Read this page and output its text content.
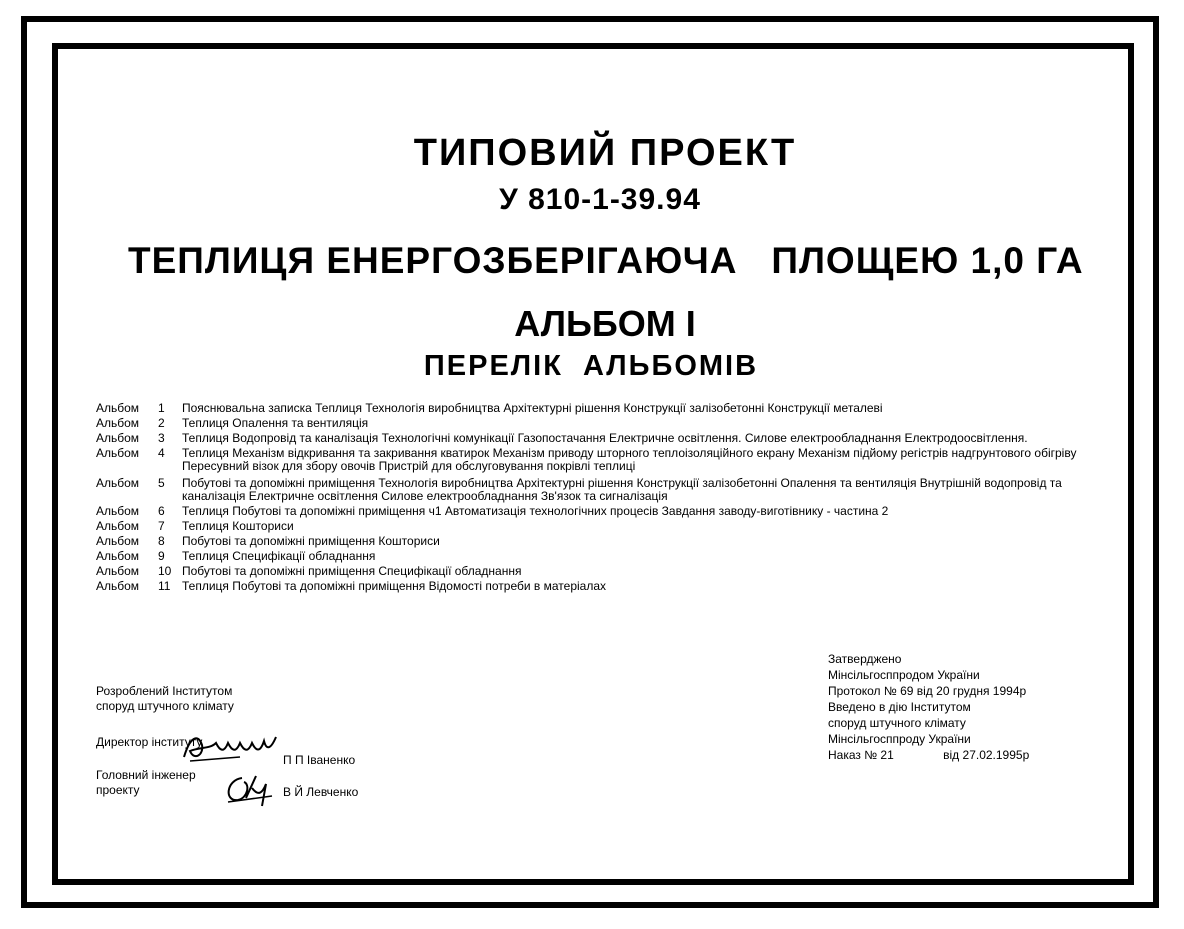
ТИПОВИЙ ПРОЕКТ
У 810-1-39.94
ТЕПЛИЦЯ ЕНЕРГОЗБЕРІГАЮЧА   ПЛОЩЕЮ 1,0 ГА
АЛЬБОМ І
ПЕРЕЛІК  АЛЬБОМІВ
Альбом	1	Пояснювальна записка Теплиця Технологія виробництва Архітектурні рішення Конструкції залізобетонні Конструкції металеві
Альбом	2	Теплиця Опалення та вентиляція
Альбом	3	Теплиця Водопровід та каналізація Технологічні комунікації Газопостачання Електричне освітлення. Силове електрообладнання Електродоосвітлення.
Альбом	4	Теплиця Механізм відкривання та закривання кватирок Механізм приводу шторного теплоізоляційного екрану Механізм підйому регістрів надгрунтового обігріву Пересувний візок для збору овочів Пристрій для обслуговування покрівлі теплиці
Альбом	5	Побутові та допоміжні приміщення Технологія виробництва Архітектурні рішення Конструкції залізобетонні Опалення та вентиляція Внутрішній водопровід та каналізація Електричне освітлення Силове електрообладнання Зв'язок та сигналізація
Альбом	6	Теплиця Побутові та допоміжні приміщення ч1 Автоматизація технологічних процесів Завдання заводу-виготівнику - частина 2
Альбом	7	Теплиця Кошториси
Альбом	8	Побутові та допоміжні приміщення Кошториси
Альбом	9	Теплиця Специфікації обладнання
Альбом	10 Побутові та допоміжні приміщення Специфікації обладнання
Альбом	11 Теплиця Побутові та допоміжні приміщення Відомості потреби в матеріалах
Розроблений Інститутом
споруд штучного клімату
Директор інституту
П П Іваненко
Головний інженер
проекту	В Й Левченко
Затверджено
Мінсільгосппродом України
Протокол № 69 від 20 грудня 1994р
Введено в дію Інститутом
споруд штучного клімату
Мінсільгосппроду України
Наказ № 21	від 27.02.1995р
